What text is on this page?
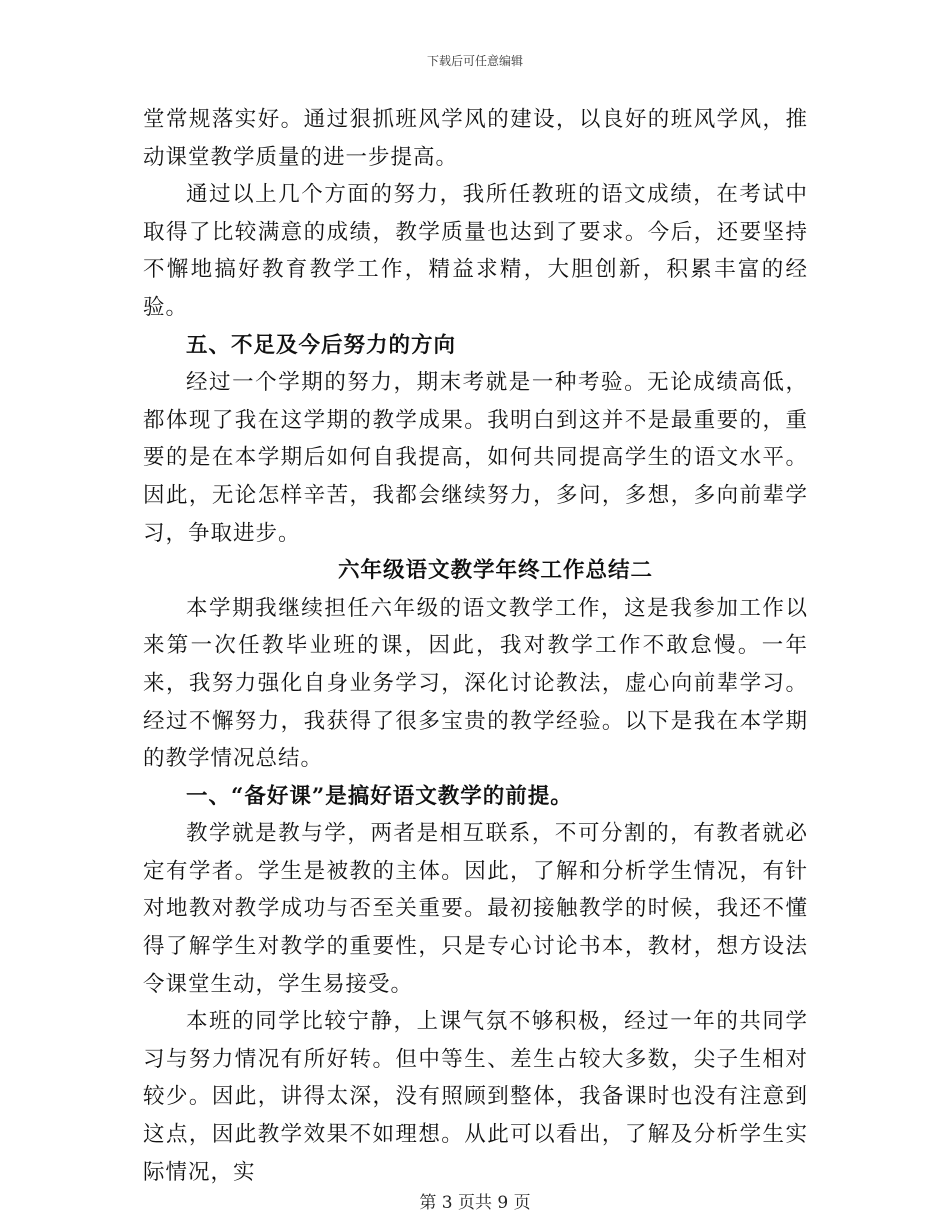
下载后可任意编辑

堂常规落实好。通过狠抓班风学风的建设，以良好的班风学风，推动课堂教学质量的进一步提高。

通过以上几个方面的努力，我所任教班的语文成绩，在考试中取得了比较满意的成绩，教学质量也达到了要求。今后，还要坚持不懈地搞好教育教学工作，精益求精，大胆创新，积累丰富的经验。

五、不足及今后努力的方向

经过一个学期的努力，期末考就是一种考验。无论成绩高低，都体现了我在这学期的教学成果。我明白到这并不是最重要的，重要的是在本学期后如何自我提高，如何共同提高学生的语文水平。因此，无论怎样辛苦，我都会继续努力，多问，多想，多向前辈学习，争取进步。

六年级语文教学年终工作总结二

本学期我继续担任六年级的语文教学工作，这是我参加工作以来第一次任教毕业班的课，因此，我对教学工作不敢怠慢。一年来，我努力强化自身业务学习，深化讨论教法，虚心向前辈学习。经过不懈努力，我获得了很多宝贵的教学经验。以下是我在本学期的教学情况总结。

一、“备好课”是搞好语文教学的前提。

教学就是教与学，两者是相互联系，不可分割的，有教者就必定有学者。学生是被教的主体。因此，了解和分析学生情况，有针对地教对教学成功与否至关重要。最初接触教学的时候，我还不懂得了解学生对教学的重要性，只是专心讨论书本，教材，想方设法令课堂生动，学生易接受。

本班的同学比较宁静，上课气氛不够积极，经过一年的共同学习与努力情况有所好转。但中等生、差生占较大多数，尖子生相对较少。因此，讲得太深，没有照顾到整体，我备课时也没有注意到这点，因此教学效果不如理想。从此可以看出，了解及分析学生实际情况，实

第 3 页共 9 页
